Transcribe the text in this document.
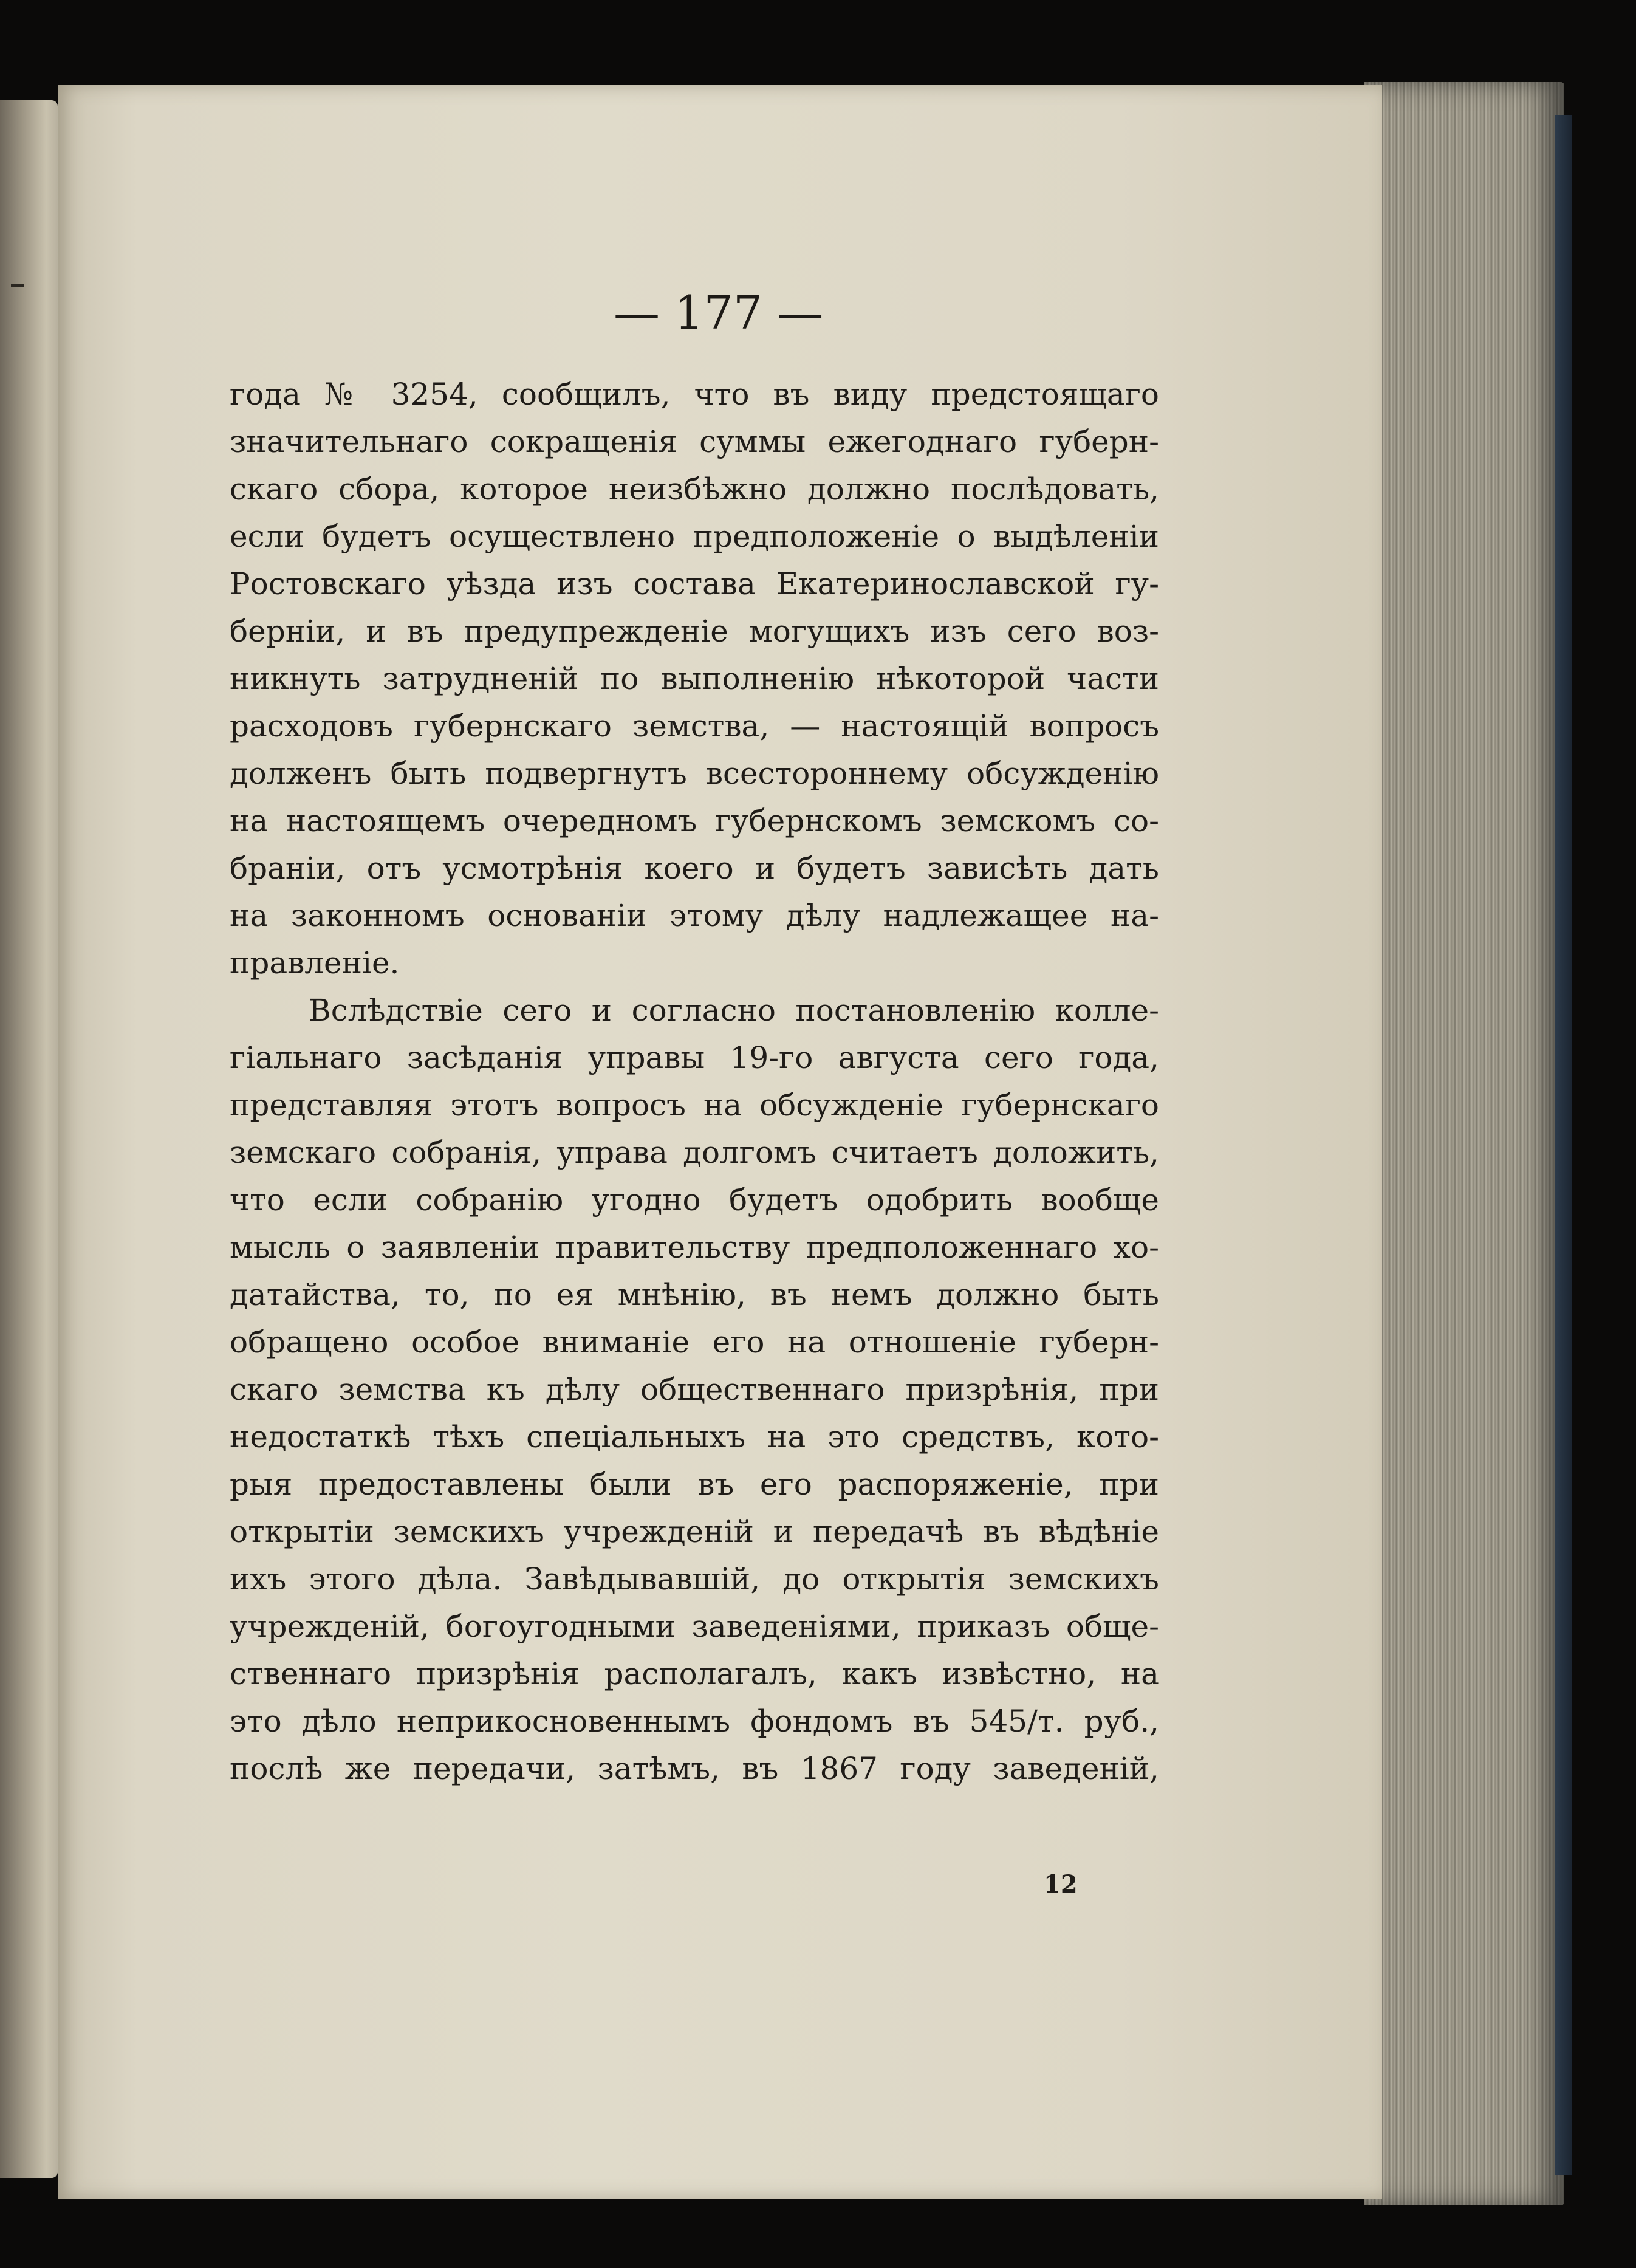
— 177 —
года № 3254, сообщилъ, что въ виду предстоящаго
значительнаго сокращенія суммы ежегоднаго губерн-
скаго сбора, которое неизбѣжно должно послѣдовать,
если будетъ осуществлено предположеніе о выдѣленіи
Ростовскаго уѣзда изъ состава Екатеринославской гу-
берніи, и въ предупрежденіе могущихъ изъ сего воз-
никнуть затрудненій по выполненію нѣкоторой части
расходовъ губернскаго земства, — настоящій вопросъ
долженъ быть подвергнутъ всестороннему обсужденію
на настоящемъ очередномъ губернскомъ земскомъ со-
браніи, отъ усмотрѣнія коего и будетъ зависѣть дать
на законномъ основаніи этому дѣлу надлежащее на-
правленіе.
Вслѣдствіе сего и согласно постановленію колле-
гіальнаго засѣданія управы 19-го августа сего года,
представляя этотъ вопросъ на обсужденіе губернскаго
земскаго собранія, управа долгомъ считаетъ доложить,
что если собранію угодно будетъ одобрить вообще
мысль о заявленіи правительству предположеннаго хо-
датайства, то, по ея мнѣнію, въ немъ должно быть
обращено особое вниманіе его на отношеніе губерн-
скаго земства къ дѣлу общественнаго призрѣнія, при
недостаткѣ тѣхъ спеціальныхъ на это средствъ, кото-
рыя предоставлены были въ его распоряженіе, при
открытіи земскихъ учрежденій и передачѣ въ вѣдѣніе
ихъ этого дѣла. Завѣдывавшій, до открытія земскихъ
учрежденій, богоугодными заведеніями, приказъ обще-
ственнаго призрѣнія располагалъ, какъ извѣстно, на
это дѣло неприкосновеннымъ фондомъ въ 545/т. руб.,
послѣ же передачи, затѣмъ, въ 1867 году заведеній,
12
